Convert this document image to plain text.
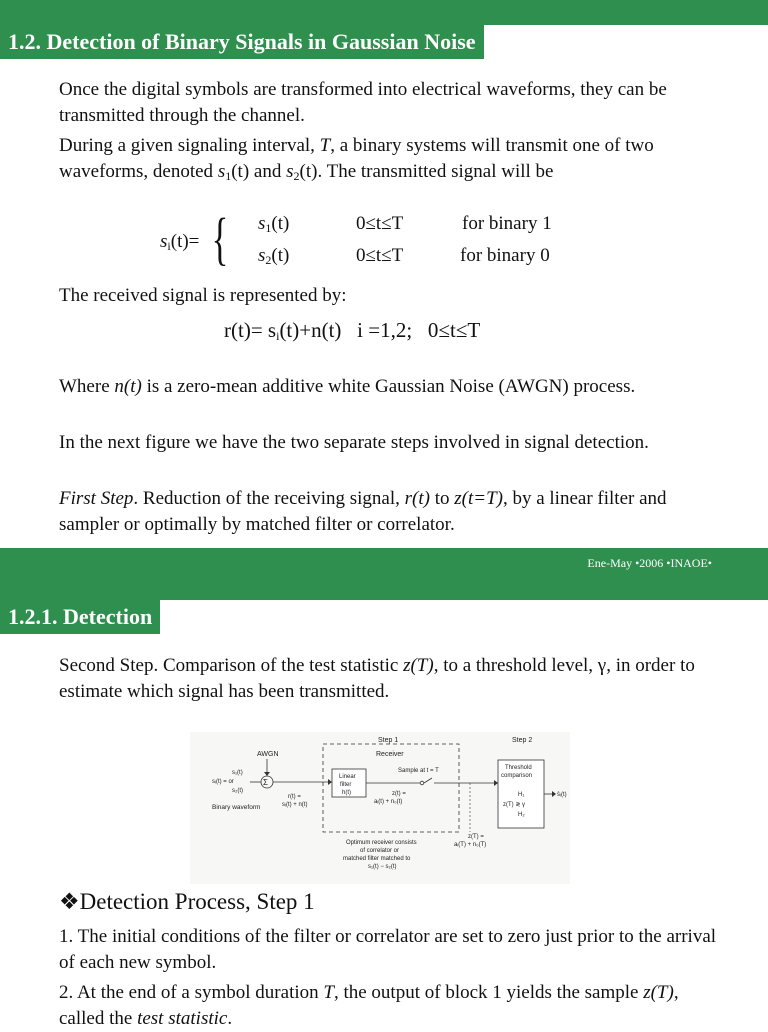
1.2. Detection of Binary Signals in Gaussian Noise

Once the digital symbols are transformed into electrical waveforms, they can be transmitted through the channel.

During a given signaling interval, T, a binary systems will transmit one of two waveforms, denoted $s_1(t)$ and $s_2(t)$. The transmitted signal will be

$s_i(t)=$ { $s_1(t)$	0≤t≤T	for binary 1
$s_2(t)$	0≤t≤T	for binary 0

The received signal is represented by:

$r(t)= s_i(t)+n(t)$   i =1,2;   0≤t≤T

Where n(t) is a zero-mean additive white Gaussian Noise (AWGN) process.

In the next figure we have the two separate steps involved in signal detection.

First Step. Reduction of the receiving signal, r(t) to z(t=T), by a linear filter and sampler or optimally by matched filter or correlator.

Ene-May •2006 •INAOE•
1.2.1. Detection

Second Step. Comparison of the test statistic z(T), to a threshold level, γ, in order to estimate which signal has been transmitted.

Step 1	Step 2
Receiver
AWGN
Σ
s₁(t)
sᵢ(t) = or
s₂(t)
Binary waveform
r(t) =
sᵢ(t) + n(t)
Linear
filter
h(t)
Sample at t = T
z(t) =
aᵢ(t) + n₀(t)
Threshold
comparison
H₁
z(T) ≷ γ
H₂
ŝᵢ(t)
z(T) =
aᵢ(T) + n₀(T)
Optimum receiver consists
of correlator or
matched filter matched to
s₁(t) − s₂(t)
❖Detection Process, Step 1

1. The initial conditions of the filter or correlator are set to zero just prior to the arrival of each new symbol.

2. At the end of a symbol duration T, the output of block 1 yields the sample z(T), called the test statistic.
